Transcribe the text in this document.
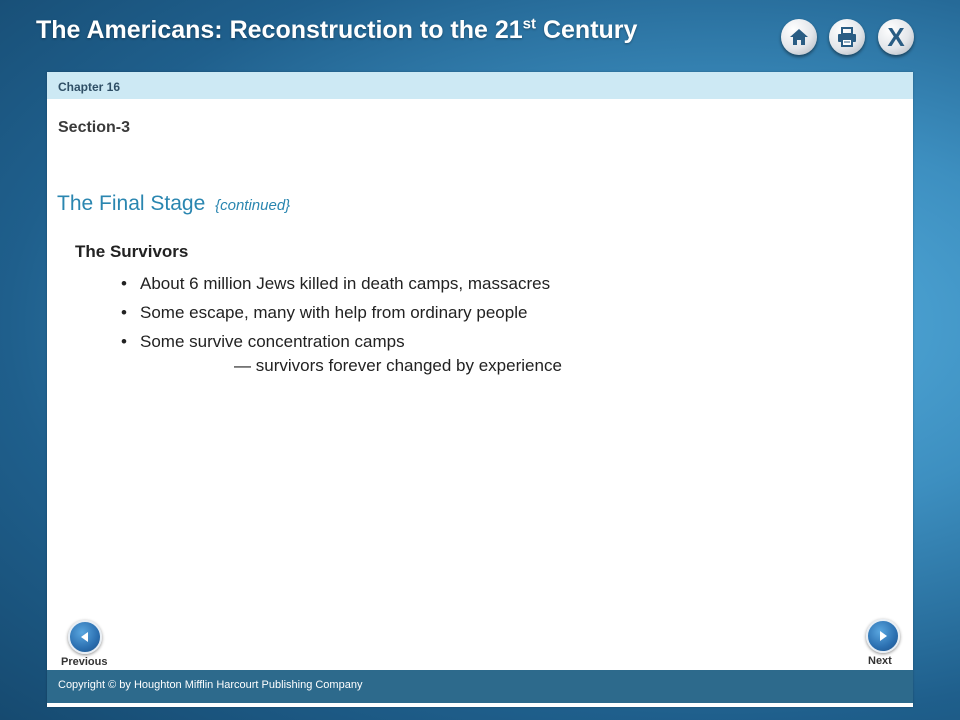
The Americans: Reconstruction to the 21st Century	X
Chapter 16
Section-3
The Final Stage {continued}
The Survivors
• About 6 million Jews killed in death camps, massacres
• Some escape, many with help from ordinary people
• Some survive concentration camps
— survivors forever changed by experience
Previous	Next
Copyright © by Houghton Mifflin Harcourt Publishing Company
